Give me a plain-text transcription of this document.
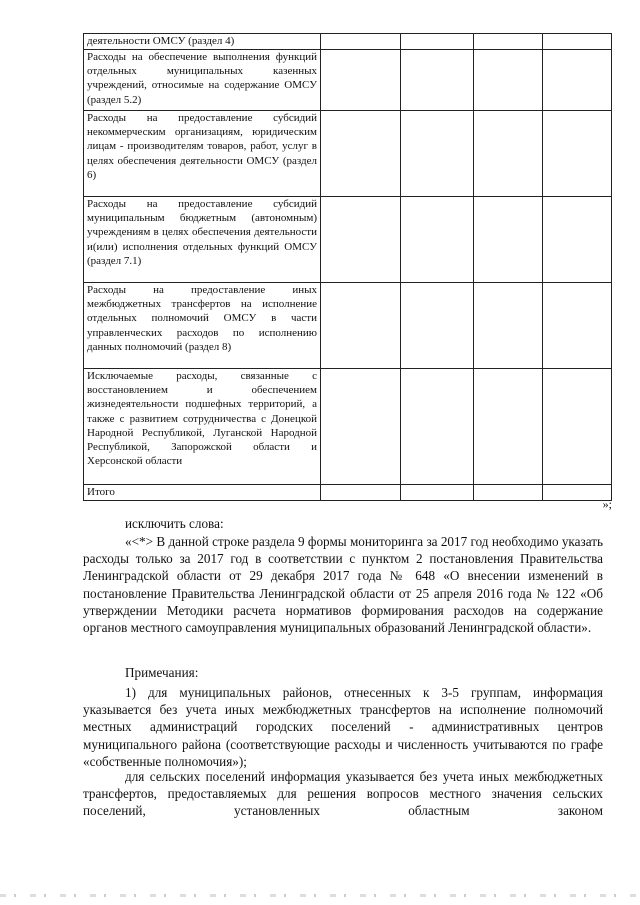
деятельности ОМСУ (раздел 4)				
Расходы на обеспечение выполнения функций отдельных муниципальных казенных учреждений, относимые на содержание ОМСУ (раздел 5.2)				
Расходы на предоставление субсидий некоммерческим организациям, юридическим лицам - производителям товаров, работ, услуг в целях обеспечения деятельности ОМСУ (раздел 6)				
Расходы на предоставление субсидий муниципальным бюджетным (автономным) учреждениям в целях обеспечения деятельности и(или) исполнения отдельных функций ОМСУ (раздел 7.1)				
Расходы на предоставление иных межбюджетных трансфертов на исполнение отдельных полномочий ОМСУ в части управленческих расходов по исполнению данных полномочий (раздел 8)				
Исключаемые расходы, связанные с восстановлением и обеспечением жизнедеятельности подшефных территорий, а также с развитием сотрудничества с Донецкой Народной Республикой, Луганской Народной Республикой, Запорожской области и Херсонской области				
Итого				
»;

исключить слова:

«<*> В данной строке раздела 9 формы мониторинга за 2017 год необходимо указать расходы только за 2017 год в соответствии с пунктом 2 постановления Правительства Ленинградской области от 29 декабря 2017 года № 648 «О внесении изменений в постановление Правительства Ленинградской области от 25 апреля 2016 года № 122 «Об утверждении Методики расчета нормативов формирования расходов на содержание органов местного самоуправления муниципальных образований Ленинградской области».

Примечания:

1) для муниципальных районов, отнесенных к 3-5 группам, информация указывается без учета иных межбюджетных трансфертов на исполнение полномочий местных администраций городских поселений - административных центров муниципального района (соответствующие расходы и численность учитываются по графе «собственные полномочия»);

для сельских поселений информация указывается без учета иных межбюджетных трансфертов, предоставляемых для решения вопросов местного значения сельских поселений, установленных областным законом
